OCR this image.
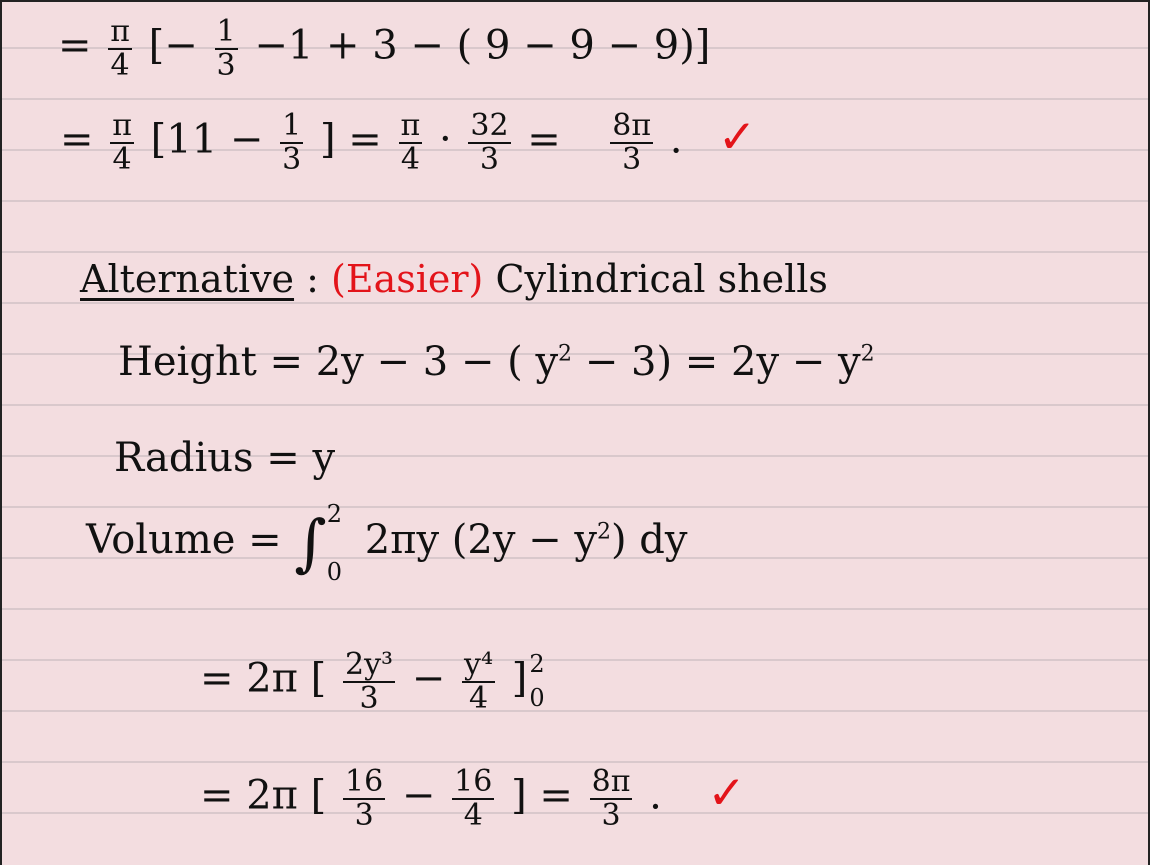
= $\frac{\pi}{4}$ [− $\frac{1}{3} -1 + 3$ − ( 9 − 9 − 9)]
= $\frac{\pi}{4} [11 - \frac{1}{3}$ ] = $\frac{\pi}{4} \cdot \frac{32}{3} = \frac{8\pi}{3}$ . ✓
Alternative : (Easier) Cylindrical shells
Height = 2y − 3 − ( $y^2 - 3) = 2y - y^2$
Radius = y
Volume = ∫ 2
0
2πy $(2y - y^2)$ dy
= 2π [ $\frac{\text{2y³}}{3} - \frac{\text{y⁴}}{4}$ ] 2
0
= 2π [ $\frac{16}{3} - \frac{16}{4}$ ] = $\frac{8\pi}{3}$ . ✓
